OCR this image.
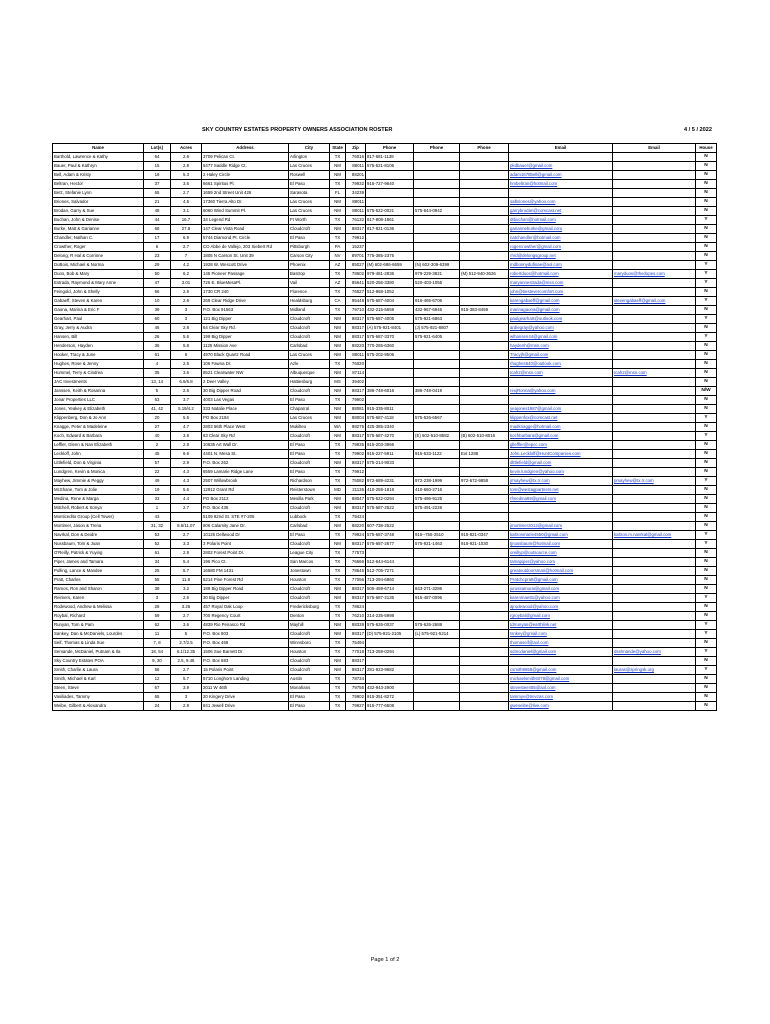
SKY COUNTRY ESTATES PROPERTY OWNERS ASSOCIATION ROSTER	4 / 5 / 2022
Name	Lot(s)	Acres	Address	City	State	Zip	Phone	Phone	Phone	Email	Email	House
Barthold, Lawrence & Kathy	64	2.6	3709 Pelican Ct.	Arlington	TX	76016	817-681-1138					N
Bauer, Paul & Kathryn	15	2.8	5477 Saddle Ridge Ct.	Las Cruces	NM	88011	575-521-8106			pkdbauer@gmail.com		N
Bell, Adam & Kristy	16	5.3	2 Haley Circle	Roswell	NM	88201				adam1678bell@gmail.com		N
Beltran, Hector	37	3.6	6661 Spiritus Pl.	El Paso	TX	79932	915-727-9640			hmbeltran@hotmail.com		N
Betz, Stefanie Lynn	65	2.7	1659 2nd Street Unit 426	Sarasota	FL	34239						N
Briones, Salvador	21	4.5	17360 Tierra Alto Dr.	Las Cruces	NM	88011				salbriones@yahoo.com		N
Brodan, Garry & Sue	48	3.1	6060 Wind Summit Pl.	Las Cruces	NM	88011	575-522-0021	575-644-0942		garrybrodan@comcast.net		N
Buchan, John & Denise	44	16.7	34 Legend Rd	Ft Worth	TX	76132	817-808-1861			dtbuchan@hotmail.com		Y
Burke, Matt & Garianne	68	27.8	147 Clear Vista Road	Cloudcroft	NM	88317	817-821-0136			garianneburke@gmail.com		N
Chandler, Nathan C.	17	6.9	5744 Diamond Pt. Circle	El Paso	TX	79912				natchandler@hotmail.com		N
Crowther, Roger	6	2.7	CO Abbe de Vallejo, 203 Siebert Rd	Pittsburgh	PA	15237				rogercrowther@gmail.com		N
Delong, R Hal & Corrinne	23	7	1805 N Carson St. Unit 39	Carson City	NV	89701	775-385-2375			rhrd@delongsgroup.net		N
DuBois, Michael & Norma	29	4.2	1928 W. Wescott Drive	Phoenix	AZ	85027	(M) 602-686-6659	(N) 602-309-6399		mdbonnydufinae@aol.com		Y
Duos, Bob & Mary	50	6.2	145 Pioneer Passage	Bastrop	TX	78602	979-481-2836	979-229-3821	(M) 512-940-3626	robertduos@hotmail.com	maryduos@thedupes.com	Y
Estrada, Raymond & Mary Anne	47	3.01	726 E. BlueMesaPl.	Vail	AZ	85641	520-256-3380	520-403-1055		maryannestrada@msn.com		Y
Feingold, John & Shelly	66	2.9	1730 CR 240	Florence	TX	76527	512-868-1052			john@bestevercomfort.com		N
Gabaeff, Steven & Karen	10	2.6	269 Clear Ridge Drive	Healdsburg	CA	95448	575-687-4004	916-465-6706		karengabaeff@gmail.com	stevengabaeff@gmail.com	Y
Gaona, Marina & Eric F	39	3	P.O. Box 91563	Midland	TX	79710	432-215-5659	432-967-6946	915-383-8459	marinagaona@gmail.com		N
Gearhart, Paul	60	3	121 Big Dipper	Cloudcroft	NM	88317	575-687-4005	575-921-6863		paulgearhart@outlook.com		Y
Gray, Jerry & Audra	46	2.8	64 Clear Sky Rd.	Cloudcroft	NM	88317	(A) 575-921-8401	(J) 575-921-8807		ardiegray@yahoo.com		N
Hansen, Bill	26	5.6	199 Big Dipper	Cloudcroft	NM	88317	575-687-3370	575-921-6405		wlhansen44@gmail.com		Y
Henderson, Hayden	36	5.8	1125 Mission Ave	Carlsbad	NM	88220	770-265-6360			haydenh@msn.com		N
Hooker, Tracy & June	61	6	4970 Black Quartz Road	Las Cruces	NM	88011	575-202-9506			Tracyjh@gmail.com		N
Hughes, Rose & Jenny	4	2.5	106 Fawna Dr.	Azle	TX	76020				rhughes640@outlook.com		N
Hummel, Terry & Cindrea	35	3.6	8521 Clearwater NW	Albuquerque	NM	87114				tcah2@msn.com	tcah2@msn.com	N
JAC Investments	13, 14	6.6/6.8	2 Deer Valley	Hattiesburg	MS	39402						N
Janssen, Keith & Rosanna	5	2.6	30 Big Dipper Road	Cloudcroft	NM	88317	386-748-6016	386-748-0419		rexjRonna@yahoo.com		N/W
Jonar Properties LLC	63	3.7	4003 Las Vegas	El Paso	TX	79902						N
Jones, Yeakey & Elizabeth	41, 42	5.19/4.2	333 Natalie Place	Chaparral	NM	88081	915-335-8011			yeajones1987@gmail.com		N
Klippenberg, Don & Jo Ann	20	5.5	PO Box 2194	Las Cruces	NM	88004	575-687-4118	575-526-6567		klippenfox@comcast.net		Y
Knagge, Peter & Madeleine	27	4.7	2803 56th Place West	Mukilteo	WA	98275	425-385-2340			madknagge@hotmail.com		N
Koch, Edward & Barbara	40	3.8	63 Clear Sky Rd	Cloudcroft	NM	88317	575-687-4270	(E) 602-510-8582	(B) 602-510-8016	kochbarbara@gmail.com		Y
Leffler, Glenn & Nan Elizabeth	2	2.8	10635 Art Wall Dr.	El Paso	TX	79935	915-203-3966			glleffler@epcc.com		N
Leckloff, John	45	9.6	4401 N. Mesa St.	El Paso	TX	79902	915-227-5911	915-533-1122	Ext 1288	John.Leckloff@HuntCompanies.com		N
Littlefield, Don & Virginia	57	2.9	P.O. Box 262	Cloudcroft	NM	88317	575-214-9033			dlttlefield@gmail.com		N
Lundgren, Kevin & Monica	22	4.3	6559 Lamarie Ridge Lane	El Paso	TX	79912				kevin.lundgren@yahoo.com		N
Mayhew, Jimmie & Peggy	49	4.3	2507 Willowbrook	Richardson	TX	75082	972-689-4231	972-238-1999	972-672-9858	jrmayhew@tx.rr.com	pmayhew@tx.rr.com	Y
McShane, Tom & Jolie	19	5.6	12912 Grant Rd	Reisterstown	MD	21136	410-259-1818	410-660-2716		tom@westagpartners.net		N
Medina, Rene & Marga	33	4.4	PO Box 2112	Mesilla Park	NM	88047	575-522-0294	575-496-9125		rfmedina89@gmail.com		N
Mitchell, Robert & Sonya	1	2.7	P.O. Box 436	Cloudcroft	NM	88317	575-687-2522	575-491-2228				N
Monticedito Group (Cell Tower)	43		5109 82nd St. STE #7-205	Lubbock	TX	79424						N
Mortimer, Jason & Trena	31, 32	8.6/11.07	806 Calamity Jane Dr.	Carlsbad	NM	88220	607-738-2522			jmortimer2012@gmail.com		N
Navrkal, Don & Deidre	53	2.7	10125 Dellwood Dr	El Paso	TX	79924	575-687-3748	915--755-2510	915-821-0347	kaltronmarie4550@gmail.com	kaltron.m.navrkal@gmail.com	Y
Nussbaum, Tom & Joan	52	3.3	3 Polaris Point	Cloudcroft	NM	88317	575-687-2677	575-921-1463	915-921-1030	tjnussbaum@hotmail.com		Y
O'Reilly, Patrick & Yuying	61	2.9	2802 Forest Point Dr.	League City	TX	77573				oreillyp@outsource.com		N
Piper, James and Tamara	34	5.4	196 Pico Ct.	San Marcos	TX	76666	512-644-6144			tamapiper@yahoo.com		N
Polling, Lance & Mandee	25	5.7	16580 FM 1431	Jonestown	TX	78645	512-705-7271			greatoutdoorsman@hotmail.com		N
Pratt, Charles	55	11.8	5214 Pine Forest Rd	Houston	TX	77056	713-294-6860			Pratchcpratt@gmail.com		N
Ramos, Ron and Sharon	38	3.2	189 Big Dipper Road	Cloudcroft	NM	88317	505-459-6714	843-271-3286		jurussamurai@gmail.com		N
Reimers, Karen	3	2.6	30 Big Dipper	Cloudcroft	NM	88317	575-687-2135	915-487-0096		karenmae81@yahoo.com		Y
Rodewood, Andrew & Melissa	28	3.26	457 Royal Oak Loop	Fredericksburg	TX	78624				ajrodewood@yahoo.com		N
Roybal, Richard	59	2.7	700 Regency Court	Denton	TX	76210	214-235-5998			rgroybal@gmail.com		N
Runyan, Tom & Pam	62	3.6	4839 Rio Penasco Rd	Mayhill	NM	88339	575-626-0037	575-626-2688		tdrrunyan@earthlink.net		Y
Sankey, Dan & McDaniels, Lourdes	11	5	P.O. Box 803	Cloudcroft	NM	88317	(D) 575-921-2105	(L) 575-921-5214		tsnkey@gmail.com		Y
Seif, Thomas & Linda Sue	7, 8	2.7/2.5	P.O. Box 468	Winnsboro	TX	75494				thomaseif@aol.com		N
Semande, McDaniel, Putnam & Ila	18, 54	6.1/12.35	1506 Sue Barnett Dr.	Houston	TX	77018	713-259-0294			sdmcdaniel@gmail.com	dselmande@yahoo.com	Y
Sky Country Estates POA	9, 30	2.5, 9.46	P.O. Box 683	Cloudcroft	NM	88317						N
Smith, Charlie & Laura	56	2.7	15 Polaris Point	Cloudcroft	NM	88317	281-923-9682			csmith9658@gmail.com	lauras@springsk.org	Y
Smith, Michael & Karl	12	5.7	5710 Longhorn Landing	Austin	TX	78734				michaelsmith6078@gmail.com		N
Steen, Steve	67	3.9	2011 W 46th	Monahans	TX	79756	432-943-2900			stevesteen55@aol.com		N
Vasiliades, Tammy	65	3	20 Kingery Drive	El Paso	TX	79902	915-351-8272			tammyv@trevzas.com		N
Weibe, Gilbert & Alexandra	24	2.9	841 Jewell Drive	El Paso	TX	79927	915-777-6508			gweseibe@live.com		N
Page 1 of 2
